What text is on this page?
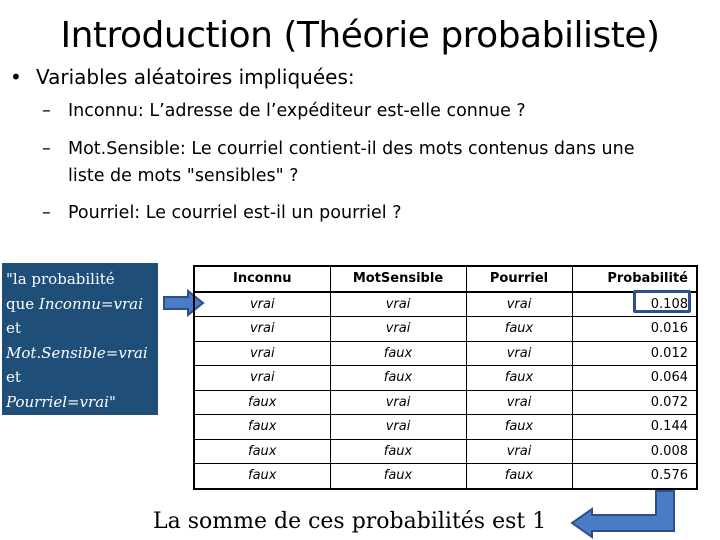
Introduction (Théorie probabiliste)
• Variables aléatoires impliquées:
– Inconnu: L’adresse de l’expéditeur est-elle connue ?
– Mot.Sensible: Le courriel contient-il des mots contenus dans une
liste de mots "sensibles" ?
– Pourriel: Le courriel est-il un pourriel ?
"la probabilité
que Inconnu=vrai
et
Mot.Sensible=vrai
et
Pourriel=vrai"
Inconnu	MotSensible	Pourriel	Probabilité
vrai	vrai	vrai	0.108
vrai	vrai	faux	0.016
vrai	faux	vrai	0.012
vrai	faux	faux	0.064
faux	vrai	vrai	0.072
faux	vrai	faux	0.144
faux	faux	vrai	0.008
faux	faux	faux	0.576
La somme de ces probabilités est 1
